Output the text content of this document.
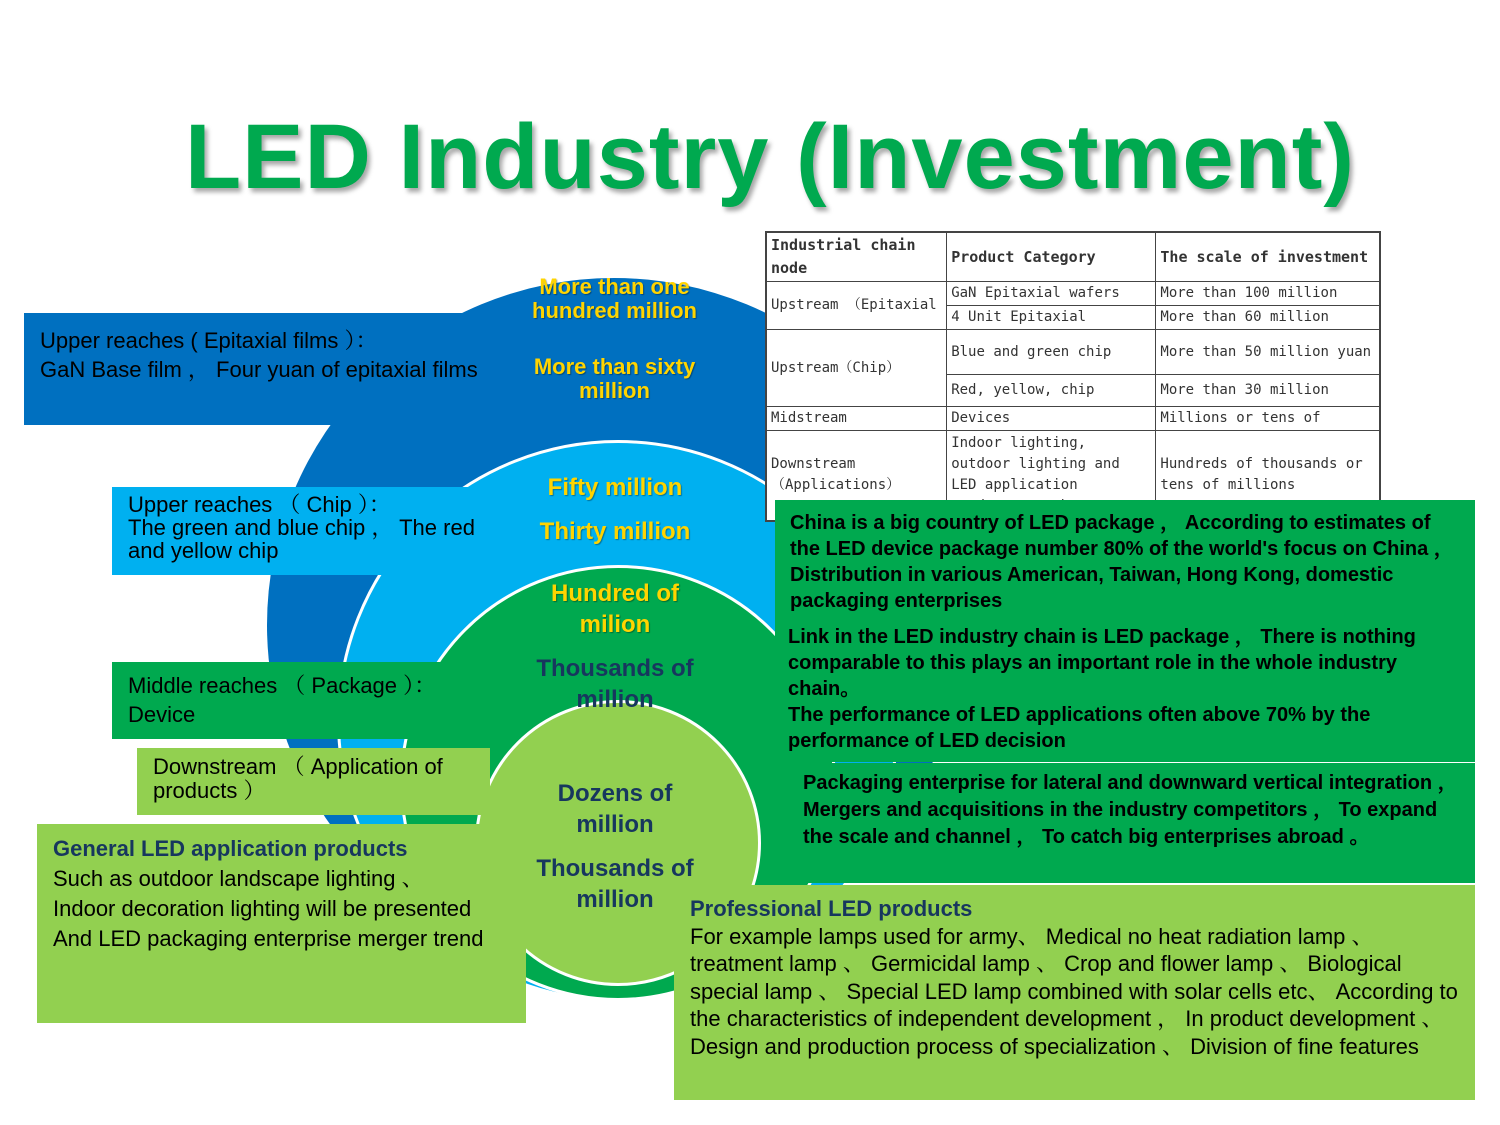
LED Industry (Investment)
More than one hundred million
More than sixty million
Fifty million
Thirty million
Hundred of milion
Thousands of million
Dozens of million
Thousands of million
Upper reaches ( Epitaxial films ）：
GaN Base film ， Four yuan of epitaxial films
Upper reaches （ Chip ）：
The green and blue chip ， The red and yellow chip
Middle reaches （ Package ）：
Device
Downstream （ Application of products ）
General LED application products
Such as outdoor landscape lighting 、
Indoor decoration lighting will be presented
And LED packaging enterprise merger trend
Industrial chain node	Product Category	The scale of investment
Upstream （Epitaxial	GaN Epitaxial wafers	More than 100 million
	4 Unit Epitaxial	More than 60 million
Upstream（Chip）	Blue and green chip	More than 50 million yuan
	Red, yellow, chip	More than 30 million
Midstream	Devices	Millions or tens of
Downstream （Applications）	Indoor lighting, outdoor lighting and LED application	Hundreds of thousands or tens of millions
China is a big country of LED package ， According to estimates of the LED device package number 80% of the world's focus on China ， Distribution in various American, Taiwan, Hong Kong, domestic packaging enterprises
Link in the LED industry chain is LED package ， There is nothing comparable to this plays an important role in the whole industry chain。
The performance of LED applications often above 70% by the performance of LED decision
Packaging enterprise for lateral and downward vertical integration ， Mergers and acquisitions in the industry competitors ， To expand the scale and channel ， To catch big enterprises abroad 。
Professional LED products
For example lamps used for army、 Medical no heat radiation lamp 、 treatment lamp 、 Germicidal lamp 、 Crop and flower lamp 、 Biological special lamp 、 Special LED lamp combined with solar cells etc、 According to the characteristics of independent development ， In product development 、 Design and production process of specialization 、 Division of fine features
